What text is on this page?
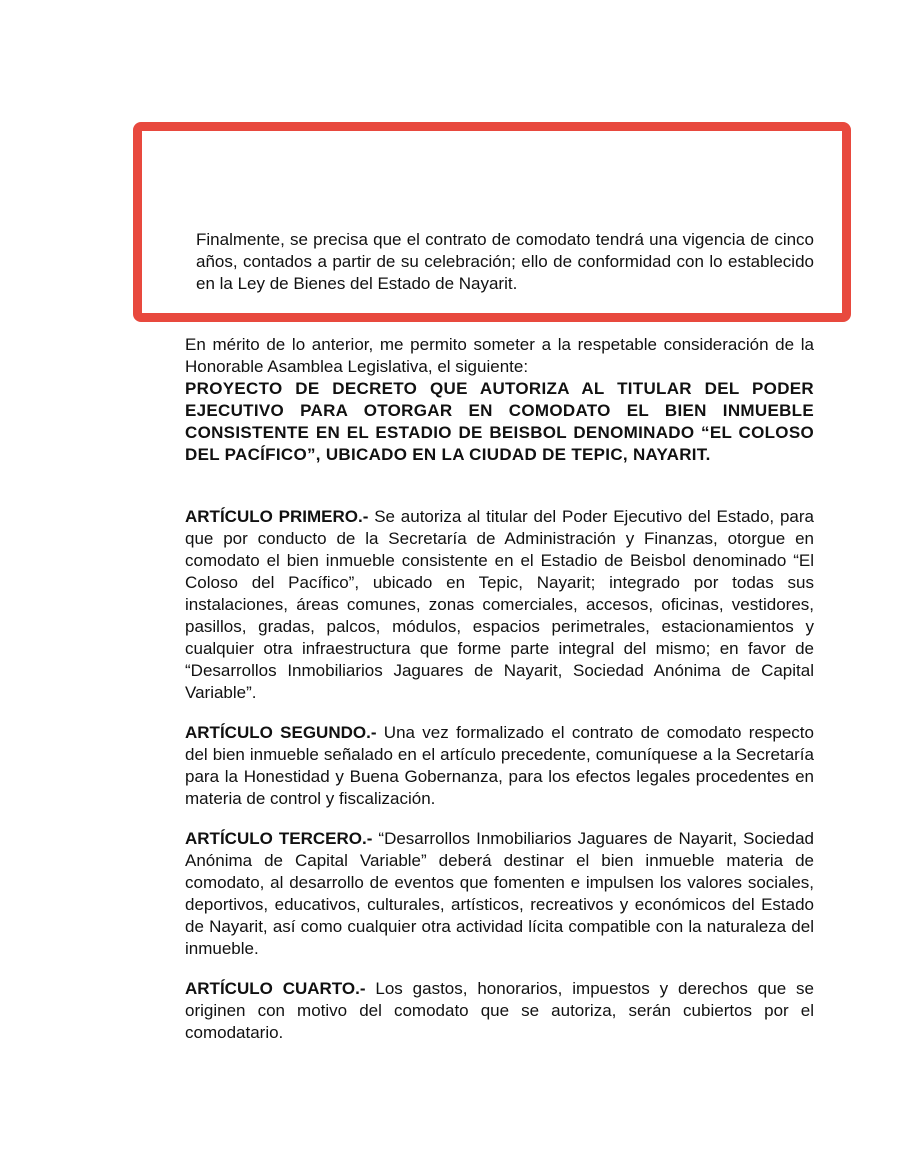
Finalmente, se precisa que el contrato de comodato tendrá una vigencia de cinco años, contados a partir de su celebración; ello de conformidad con lo establecido en la Ley de Bienes del Estado de Nayarit.

En mérito de lo anterior, me permito someter a la respetable consideración de la Honorable Asamblea Legislativa, el siguiente:

PROYECTO DE DECRETO QUE AUTORIZA AL TITULAR DEL PODER EJECUTIVO PARA OTORGAR EN COMODATO EL BIEN INMUEBLE CONSISTENTE EN EL ESTADIO DE BEISBOL DENOMINADO “EL COLOSO DEL PACÍFICO”, UBICADO EN LA CIUDAD DE TEPIC, NAYARIT.

ARTÍCULO PRIMERO.- Se autoriza al titular del Poder Ejecutivo del Estado, para que por conducto de la Secretaría de Administración y Finanzas, otorgue en comodato el bien inmueble consistente en el Estadio de Beisbol denominado “El Coloso del Pacífico”, ubicado en Tepic, Nayarit; integrado por todas sus instalaciones, áreas comunes, zonas comerciales, accesos, oficinas, vestidores, pasillos, gradas, palcos, módulos, espacios perimetrales, estacionamientos y cualquier otra infraestructura que forme parte integral del mismo; en favor de “Desarrollos Inmobiliarios Jaguares de Nayarit, Sociedad Anónima de Capital Variable”.

ARTÍCULO SEGUNDO.- Una vez formalizado el contrato de comodato respecto del bien inmueble señalado en el artículo precedente, comuníquese a la Secretaría para la Honestidad y Buena Gobernanza, para los efectos legales procedentes en materia de control y fiscalización.

ARTÍCULO TERCERO.- “Desarrollos Inmobiliarios Jaguares de Nayarit, Sociedad Anónima de Capital Variable” deberá destinar el bien inmueble materia de comodato, al desarrollo de eventos que fomenten e impulsen los valores sociales, deportivos, educativos, culturales, artísticos, recreativos y económicos del Estado de Nayarit, así como cualquier otra actividad lícita compatible con la naturaleza del inmueble.

ARTÍCULO CUARTO.- Los gastos, honorarios, impuestos y derechos que se originen con motivo del comodato que se autoriza, serán cubiertos por el comodatario.
